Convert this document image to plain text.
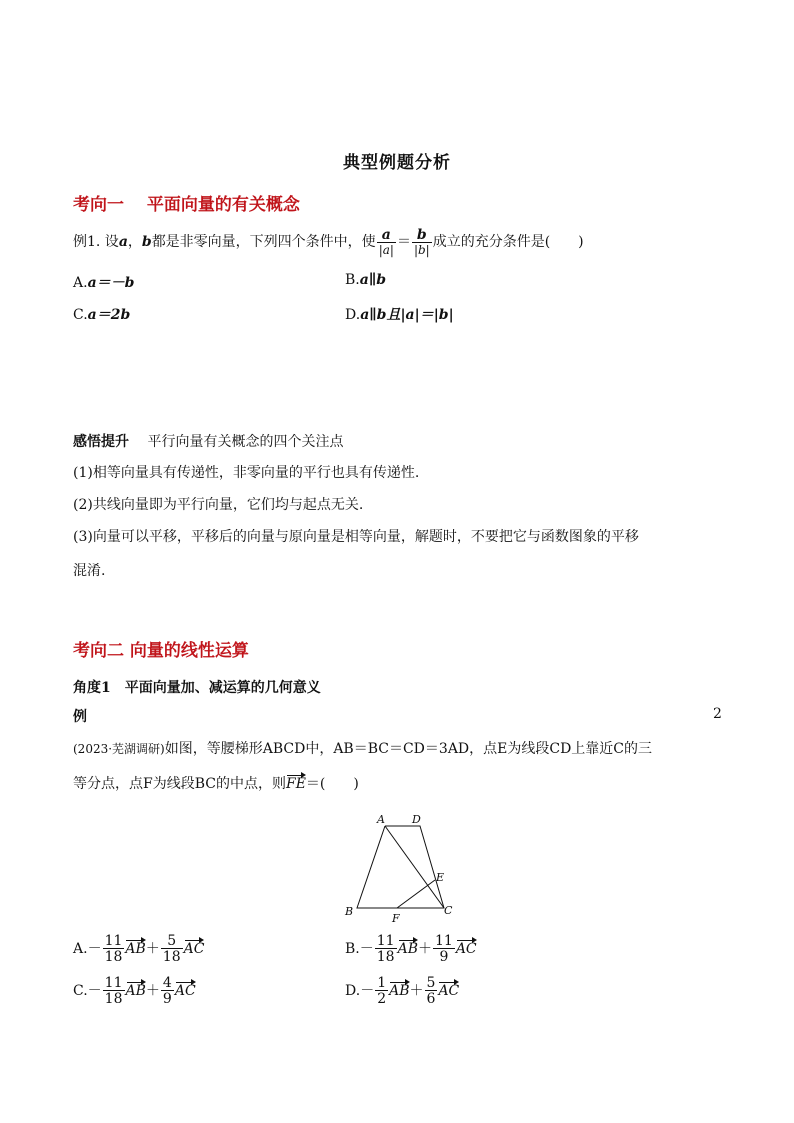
典型例题分析
考向一　 平面向量的有关概念
例1. 设a，b都是非零向量，下列四个条件中，使 $\frac{a}{|a|} = \frac{b}{|b|}$ 成立的充分条件是(　　)
A.a＝－b	B.a∥b
C.a＝2b	D.a∥b且|a|＝|b|
感悟提升　 平行向量有关概念的四个关注点
(1)相等向量具有传递性，非零向量的平行也具有传递性.
(2)共线向量即为平行向量，它们均与起点无关.
(3)向量可以平移，平移后的向量与原向量是相等向量，解题时，不要把它与函数图象的平移
混淆.
考向二 向量的线性运算
角度1　平面向量加、减运算的几何意义
例	2
(2023·芜湖调研)如图，等腰梯形ABCD中，AB＝BC＝CD＝3AD，点E为线段CD上靠近C的三
等分点，点F为线段BC的中点，则FE＝(　　)
A D
E
B	C
F
$A.- \frac{11}{18} AB+ \frac{5}{18}$ AC	$B.- \frac{11}{18} AB+ \frac{11}{9}$ AC
$C.- \frac{11}{18} AB+ \frac{4}{9}$ AC	$D.- \frac{1}{2} AB+ \frac{5}{6}$ AC
